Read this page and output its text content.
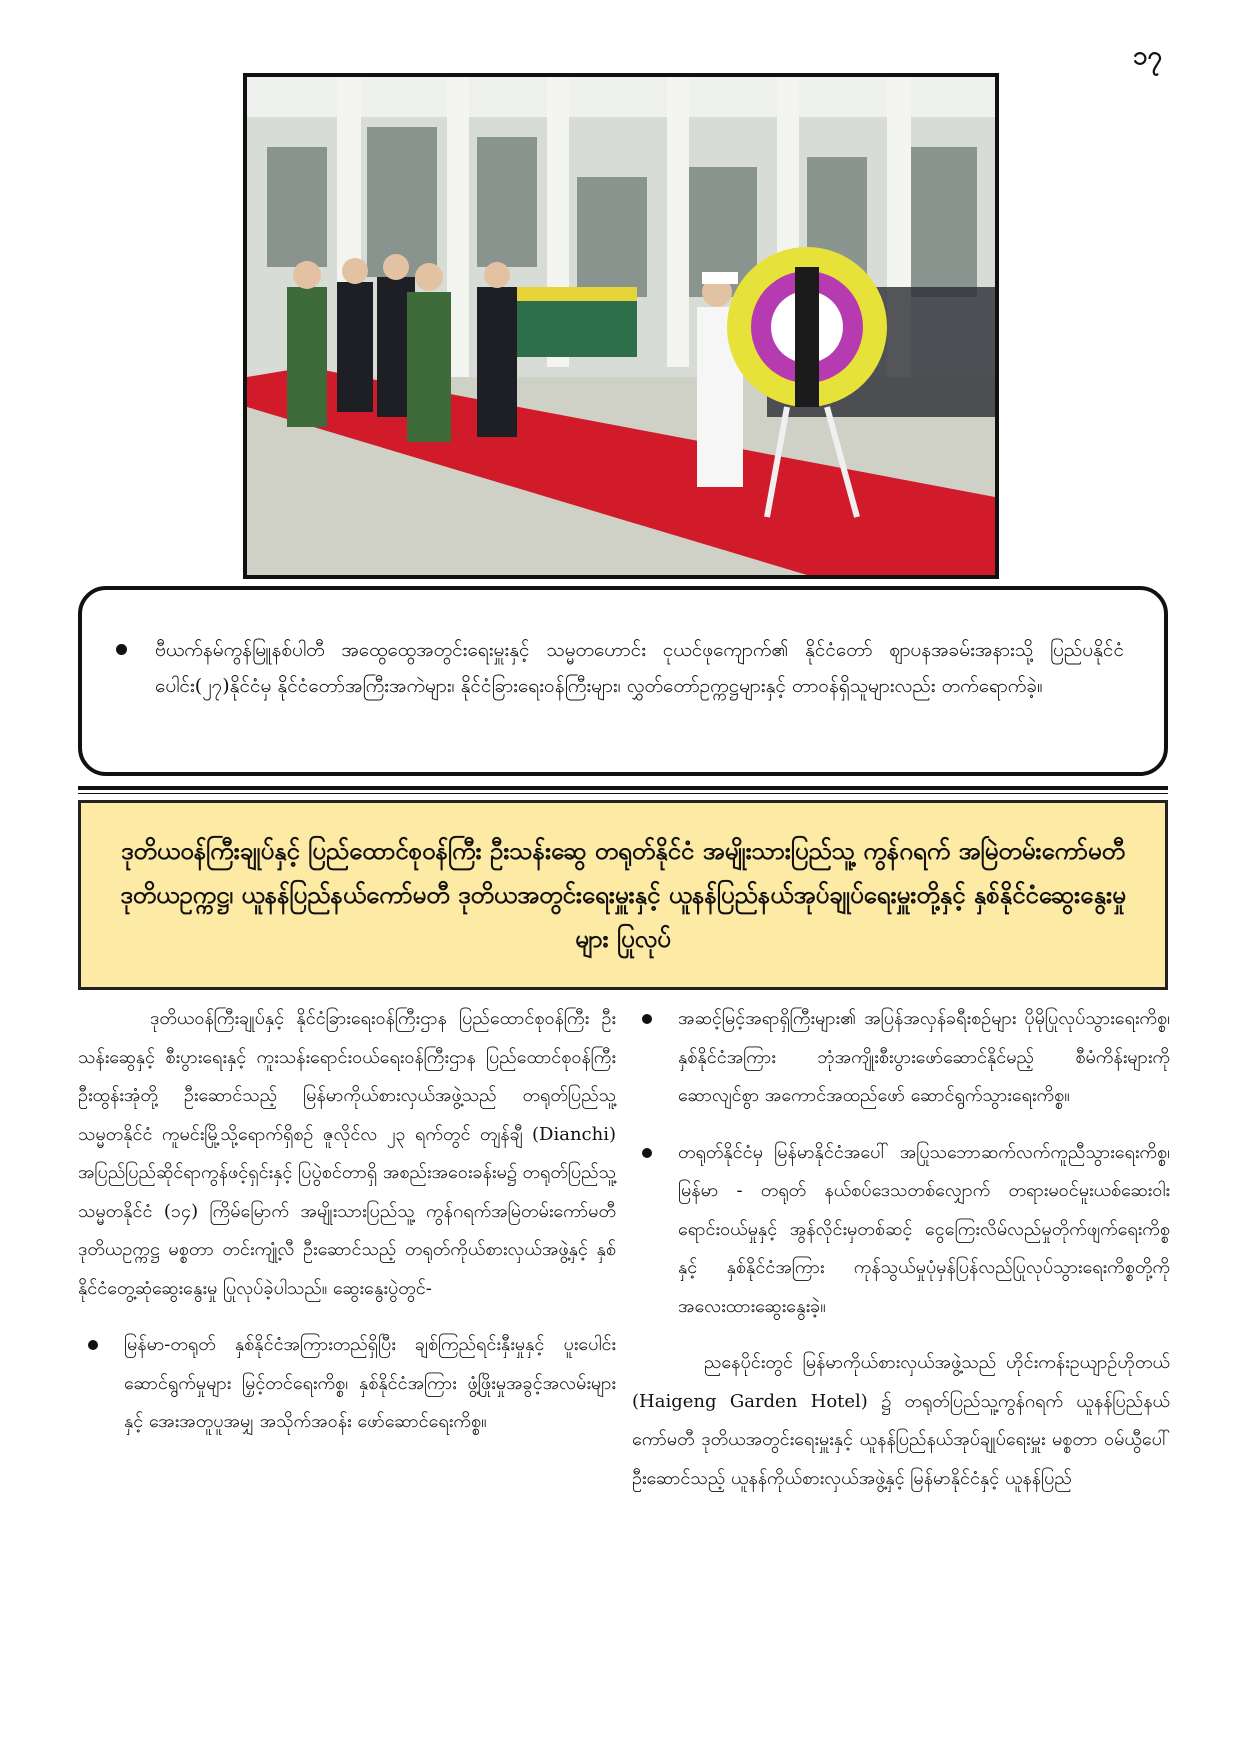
၁၇
ဗီယက်နမ်ကွန်မြူနစ်ပါတီ အထွေထွေအတွင်းရေးမှူးနှင့် သမ္မတဟောင်း ငုယင်ဖုကျောက်၏ နိုင်ငံတော် ဈာပနအခမ်းအနားသို့ ပြည်ပနိုင်ငံပေါင်း(၂၇)နိုင်ငံမှ နိုင်ငံတော်အကြီးအကဲများ၊ နိုင်ငံခြားရေးဝန်ကြီးများ၊ လွှတ်တော်ဥက္ကဋ္ဌများနှင့် တာဝန်ရှိသူများလည်း တက်ရောက်ခဲ့။
ဒုတိယဝန်ကြီးချုပ်နှင့် ပြည်ထောင်စုဝန်ကြီး ဦးသန်းဆွေ တရုတ်နိုင်ငံ အမျိုးသားပြည်သူ့ ကွန်ဂရက် အမြဲတမ်းကော်မတီဒုတိယဥက္ကဋ္ဌ၊ ယူနန်ပြည်နယ်ကော်မတီ ဒုတိယအတွင်းရေးမှူးနှင့် ယူနန်ပြည်နယ်အုပ်ချုပ်ရေးမှူးတို့နှင့် နှစ်နိုင်ငံဆွေးနွေးမှုများ ပြုလုပ်

ဒုတိယဝန်ကြီးချုပ်နှင့် နိုင်ငံခြားရေးဝန်ကြီးဌာန ပြည်ထောင်စုဝန်ကြီး ဦးသန်းဆွေနှင့် စီးပွားရေးနှင့် ကူးသန်းရောင်းဝယ်ရေးဝန်ကြီးဌာန ပြည်ထောင်စုဝန်ကြီး ဦးထွန်းအုံတို့ ဦးဆောင်သည့် မြန်မာကိုယ်စားလှယ်အဖွဲ့သည် တရုတ်ပြည်သူ့သမ္မတနိုင်ငံ ကူမင်းမြို့သို့ရောက်ရှိစဉ် ဇူလိုင်လ ၂၃ ရက်တွင် တျန်ချီ (Dianchi) အပြည်ပြည်ဆိုင်ရာကွန်ဖင့်ရှင်းနှင့် ပြပွဲစင်တာရှိ အစည်းအဝေးခန်းမ၌ တရုတ်ပြည်သူ့သမ္မတနိုင်ငံ (၁၄) ကြိမ်မြောက် အမျိုးသားပြည်သူ့ ကွန်ဂရက်အမြဲတမ်းကော်မတီ ဒုတိယဥက္ကဋ္ဌ မစ္စတာ တင်းကျုံ့လီ ဦးဆောင်သည့် တရုတ်ကိုယ်စားလှယ်အဖွဲ့နှင့် နှစ်နိုင်ငံတွေ့ဆုံဆွေးနွေးမှု ပြုလုပ်ခဲ့ပါသည်။ ဆွေးနွေးပွဲတွင်-

မြန်မာ-တရုတ် နှစ်နိုင်ငံအကြားတည်ရှိပြီး ချစ်ကြည်ရင်းနှီးမှုနှင့် ပူးပေါင်းဆောင်ရွက်မှုများ မြှင့်တင်ရေးကိစ္စ၊ နှစ်နိုင်ငံအကြား ဖွံ့ဖြိုးမှုအခွင့်အလမ်းများနှင့် အေးအတူပူအမျှ အသိုက်အဝန်း ဖော်ဆောင်ရေးကိစ္စ။
အဆင့်မြင့်အရာရှိကြီးများ၏ အပြန်အလှန်ခရီးစဉ်များ ပိုမိုပြုလုပ်သွားရေးကိစ္စ၊ နှစ်နိုင်ငံအကြား ဘုံအကျိုးစီးပွားဖော်ဆောင်နိုင်မည့် စီမံကိန်းများကို ဆောလျင်စွာ အကောင်အထည်ဖော် ဆောင်ရွက်သွားရေးကိစ္စ။
တရုတ်နိုင်ငံမှ မြန်မာနိုင်ငံအပေါ် အပြုသဘောဆက်လက်ကူညီသွားရေးကိစ္စ၊ မြန်မာ - တရုတ် နယ်စပ်ဒေသတစ်လျှောက် တရားမဝင်မူးယစ်ဆေးဝါးရောင်းဝယ်မှုနှင့် အွန်လိုင်းမှတစ်ဆင့် ငွေကြေးလိမ်လည်မှုတိုက်ဖျက်ရေးကိစ္စနှင့် နှစ်နိုင်ငံအကြား ကုန်သွယ်မှုပုံမှန်ပြန်လည်ပြုလုပ်သွားရေးကိစ္စတို့ကို အလေးထားဆွေးနွေးခဲ့။

ညနေပိုင်းတွင် မြန်မာကိုယ်စားလှယ်အဖွဲ့သည် ဟိုင်းကန်းဥယျာဉ်ဟိုတယ် (Haigeng Garden Hotel) ၌ တရုတ်ပြည်သူ့ကွန်ဂရက် ယူနန်ပြည်နယ်ကော်မတီ ဒုတိယအတွင်းရေးမှူးနှင့် ယူနန်ပြည်နယ်အုပ်ချုပ်ရေးမှူး မစ္စတာ ဝမ်ယွီပေါ် ဦးဆောင်သည့် ယူနန်ကိုယ်စားလှယ်အဖွဲ့နှင့် မြန်မာနိုင်ငံနှင့် ယူနန်ပြည်
